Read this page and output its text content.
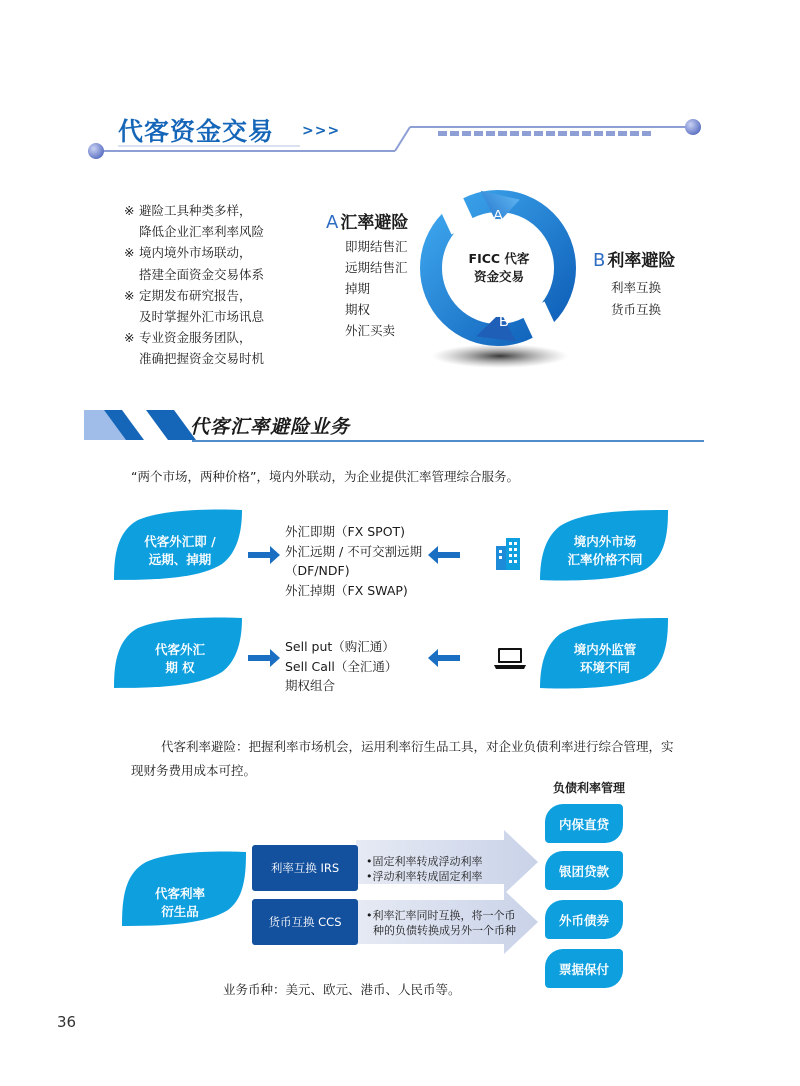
代客资金交易 >>>
※ 避险工具种类多样，
降低企业汇率利率风险
※ 境内境外市场联动，
搭建全面资金交易体系
※ 定期发布研究报告，
及时掌握外汇市场讯息
※ 专业资金服务团队，
准确把握资金交易时机
A 汇率避险
即期结售汇
远期结售汇
掉期
期权
外汇买卖
A
B
FICC 代客
资金交易
B 利率避险
利率互换
货币互换
代客汇率避险业务
“两个市场，两种价格”，境内外联动，为企业提供汇率管理综合服务。
代客外汇即 /
远期、掉期
外汇即期（FX SPOT)
外汇远期 / 不可交割远期
（DF/NDF)
外汇掉期（FX SWAP)
境内外市场
汇率价格不同
代客外汇
期 权
Sell put（购汇通）
Sell Call（全汇通）
期权组合
境内外监管
环境不同
代客利率避险：把握利率市场机会，运用利率衍生品工具，对企业负债利率进行综合管理，实
现财务费用成本可控。
负债利率管理
代客利率
衍生品
利率互换 IRS	•固定利率转成浮动利率
•浮动利率转成固定利率
货币互换 CCS	•利率汇率同时互换，将一个币
种的负债转换成另外一个币种
内保直贷
银团贷款
外币债券
票据保付
业务币种：美元、欧元、港币、人民币等。
36
